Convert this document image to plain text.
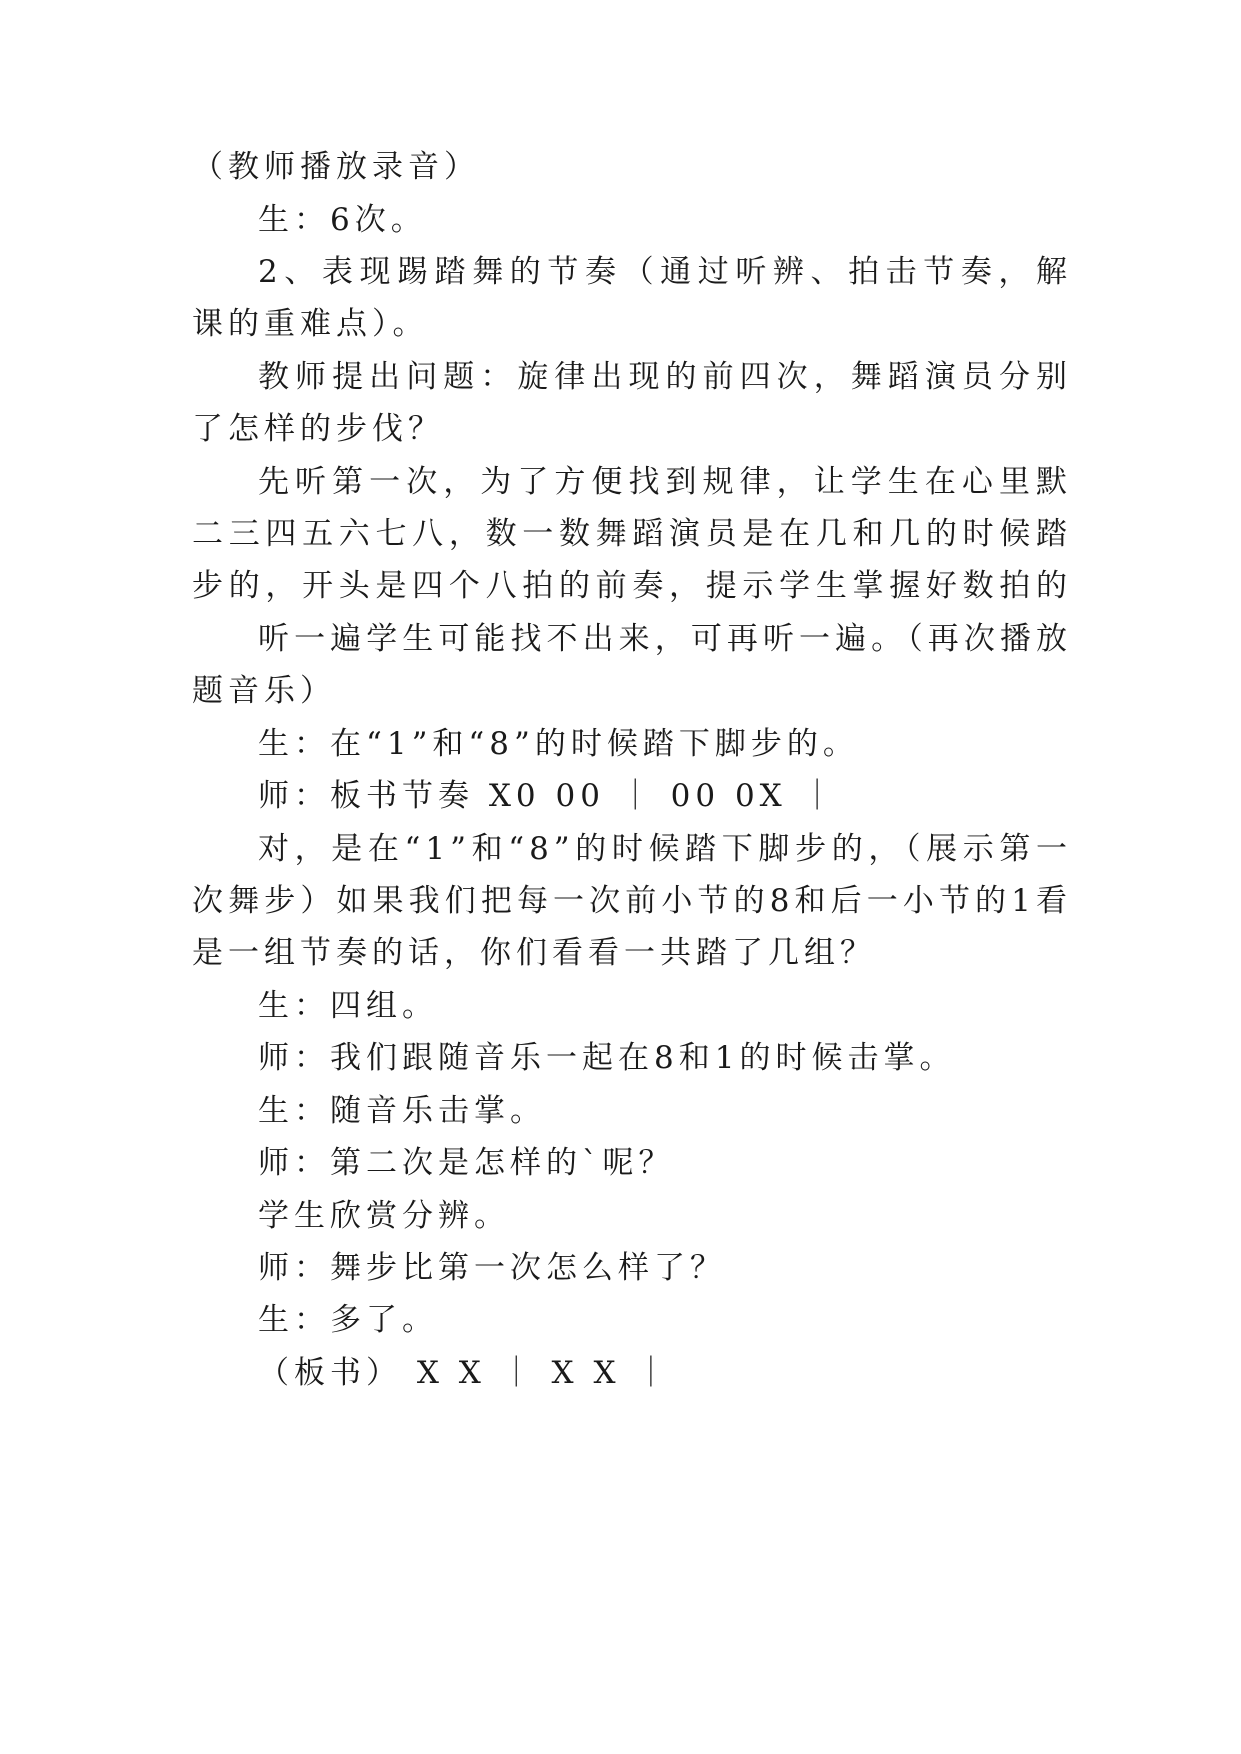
（教师播放录音）
生：6次。
2、表现踢踏舞的节奏（通过听辨、拍击节奏，解
课的重难点）。
教师提出问题：旋律出现的前四次，舞蹈演员分别
了怎样的步伐？
先听第一次，为了方便找到规律，让学生在心里默
二三四五六七八，数一数舞蹈演员是在几和几的时候踏
步的，开头是四个八拍的前奏，提示学生掌握好数拍的
听一遍学生可能找不出来，可再听一遍。（再次播放
题音乐）
生：在“1”和“8”的时候踏下脚步的。
师：板书节奏 X0 00 ｜ 00 0X ｜
对，是在“1”和“8”的时候踏下脚步的，（展示第一
次舞步）如果我们把每一次前小节的8和后一小节的1看
是一组节奏的话，你们看看一共踏了几组？
生：四组。
师：我们跟随音乐一起在8和1的时候击掌。
生：随音乐击掌。
师：第二次是怎样的`呢？
学生欣赏分辨。
师：舞步比第一次怎么样了？
生：多了。
（板书） X X ｜ X X ｜
